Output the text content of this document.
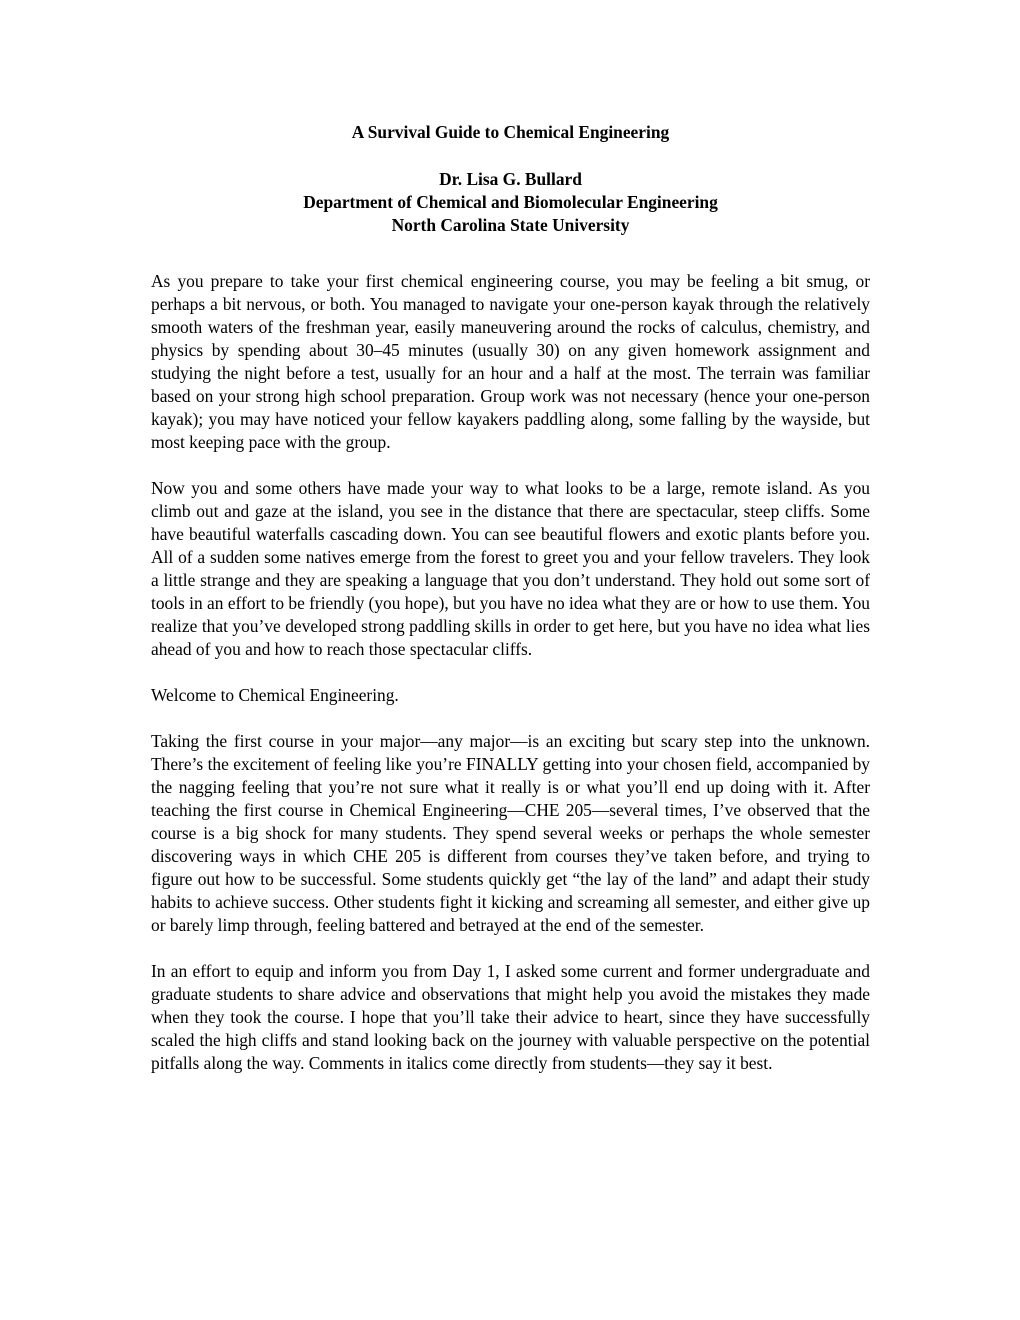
A Survival Guide to Chemical Engineering
Dr. Lisa G. Bullard
Department of Chemical and Biomolecular Engineering
North Carolina State University

As you prepare to take your first chemical engineering course, you may be feeling a bit smug, or perhaps a bit nervous, or both. You managed to navigate your one-person kayak through the relatively smooth waters of the freshman year, easily maneuvering around the rocks of calculus, chemistry, and physics by spending about 30–45 minutes (usually 30) on any given homework assignment and studying the night before a test, usually for an hour and a half at the most. The terrain was familiar based on your strong high school preparation. Group work was not necessary (hence your one-person kayak); you may have noticed your fellow kayakers paddling along, some falling by the wayside, but most keeping pace with the group.

Now you and some others have made your way to what looks to be a large, remote island. As you climb out and gaze at the island, you see in the distance that there are spectacular, steep cliffs. Some have beautiful waterfalls cascading down. You can see beautiful flowers and exotic plants before you. All of a sudden some natives emerge from the forest to greet you and your fellow travelers. They look a little strange and they are speaking a language that you don’t understand. They hold out some sort of tools in an effort to be friendly (you hope), but you have no idea what they are or how to use them. You realize that you’ve developed strong paddling skills in order to get here, but you have no idea what lies ahead of you and how to reach those spectacular cliffs.

Welcome to Chemical Engineering.

Taking the first course in your major—any major—is an exciting but scary step into the unknown. There’s the excitement of feeling like you’re FINALLY getting into your chosen field, accompanied by the nagging feeling that you’re not sure what it really is or what you’ll end up doing with it. After teaching the first course in Chemical Engineering—CHE 205—several times, I’ve observed that the course is a big shock for many students. They spend several weeks or perhaps the whole semester discovering ways in which CHE 205 is different from courses they’ve taken before, and trying to figure out how to be successful. Some students quickly get “the lay of the land” and adapt their study habits to achieve success. Other students fight it kicking and screaming all semester, and either give up or barely limp through, feeling battered and betrayed at the end of the semester.

In an effort to equip and inform you from Day 1, I asked some current and former undergraduate and graduate students to share advice and observations that might help you avoid the mistakes they made when they took the course. I hope that you’ll take their advice to heart, since they have successfully scaled the high cliffs and stand looking back on the journey with valuable perspective on the potential pitfalls along the way. Comments in italics come directly from students—they say it best.
